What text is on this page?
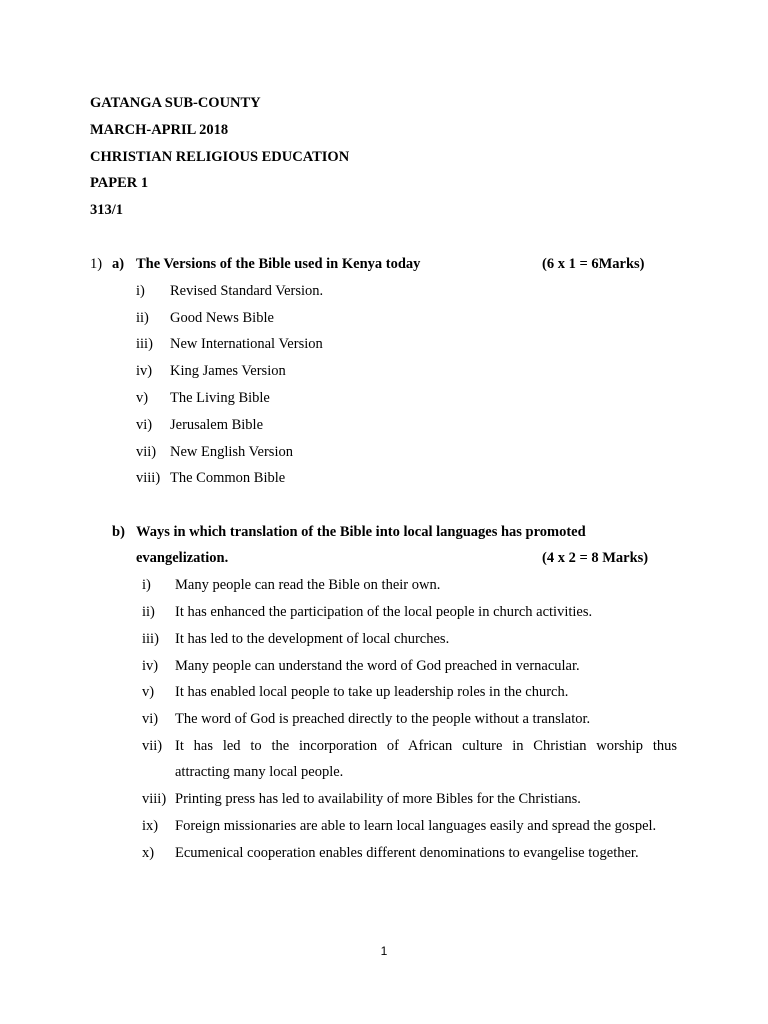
GATANGA SUB-COUNTY
MARCH-APRIL 2018
CHRISTIAN RELIGIOUS EDUCATION
PAPER 1
313/1
1) a) The Versions of the Bible used in Kenya today	(6 x 1 = 6Marks)
i) Revised Standard Version.
ii) Good News Bible
iii) New International Version
iv) King James Version
v) The Living Bible
vi) Jerusalem Bible
vii) New English Version
viii) The Common Bible
b) Ways in which translation of the Bible into local languages has promoted
evangelization.	(4 x 2 = 8 Marks)
i) Many people can read the Bible on their own.
ii) It has enhanced the participation of the local people in church activities.
iii) It has led to the development of local churches.
iv) Many people can understand the word of God preached in vernacular.
v) It has enabled local people to take up leadership roles in the church.
vi) The word of God is preached directly to the people without a translator.
vii) It has led to the incorporation of African culture in Christian worship thus
attracting many local people.
viii) Printing press has led to availability of more Bibles for the Christians.
ix) Foreign missionaries are able to learn local languages easily and spread the gospel.
x) Ecumenical cooperation enables different denominations to evangelise together.
1
